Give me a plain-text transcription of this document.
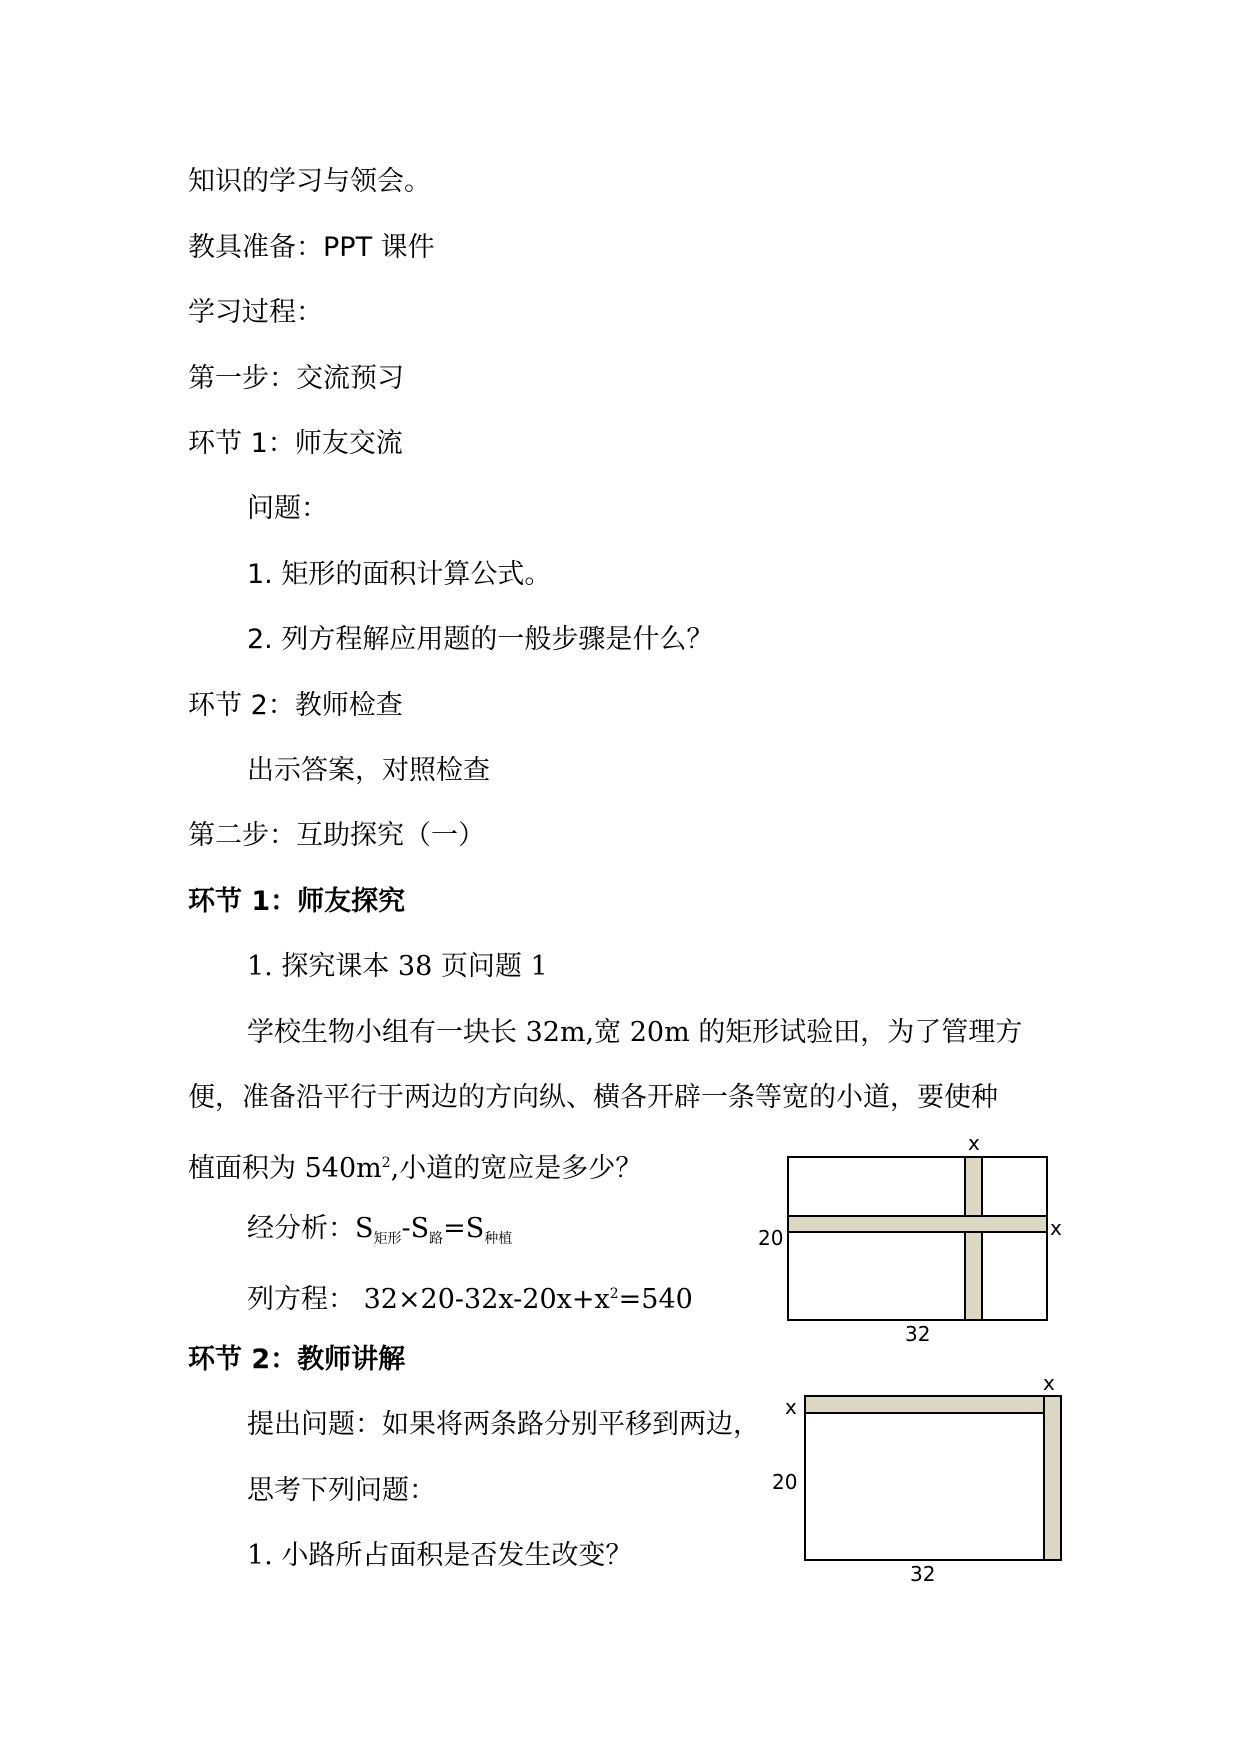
知识的学习与领会。
教具准备：PPT 课件
学习过程：
第一步：交流预习
环节 1：师友交流
问题：
1. 矩形的面积计算公式。
2. 列方程解应用题的一般步骤是什么？
环节 2：教师检查
出示答案，对照检查
第二步：互助探究（一）
环节 1：师友探究
1. 探究课本 38 页问题 1
学校生物小组有一块长 32m,宽 20m 的矩形试验田，为了管理方
便，准备沿平行于两边的方向纵、横各开辟一条等宽的小道，要使种
植面积为 $540m^2$,小道的宽应是多少？
经分析：$S_{矩形}-S_路=S_{种植}$
列方程： $32\times 20-32x-20x+x^2=540$
环节 2：教师讲解
提出问题：如果将两条路分别平移到两边，
思考下列问题：
1. 小路所占面积是否发生改变？
x
x
20
32
x
x
20
32
